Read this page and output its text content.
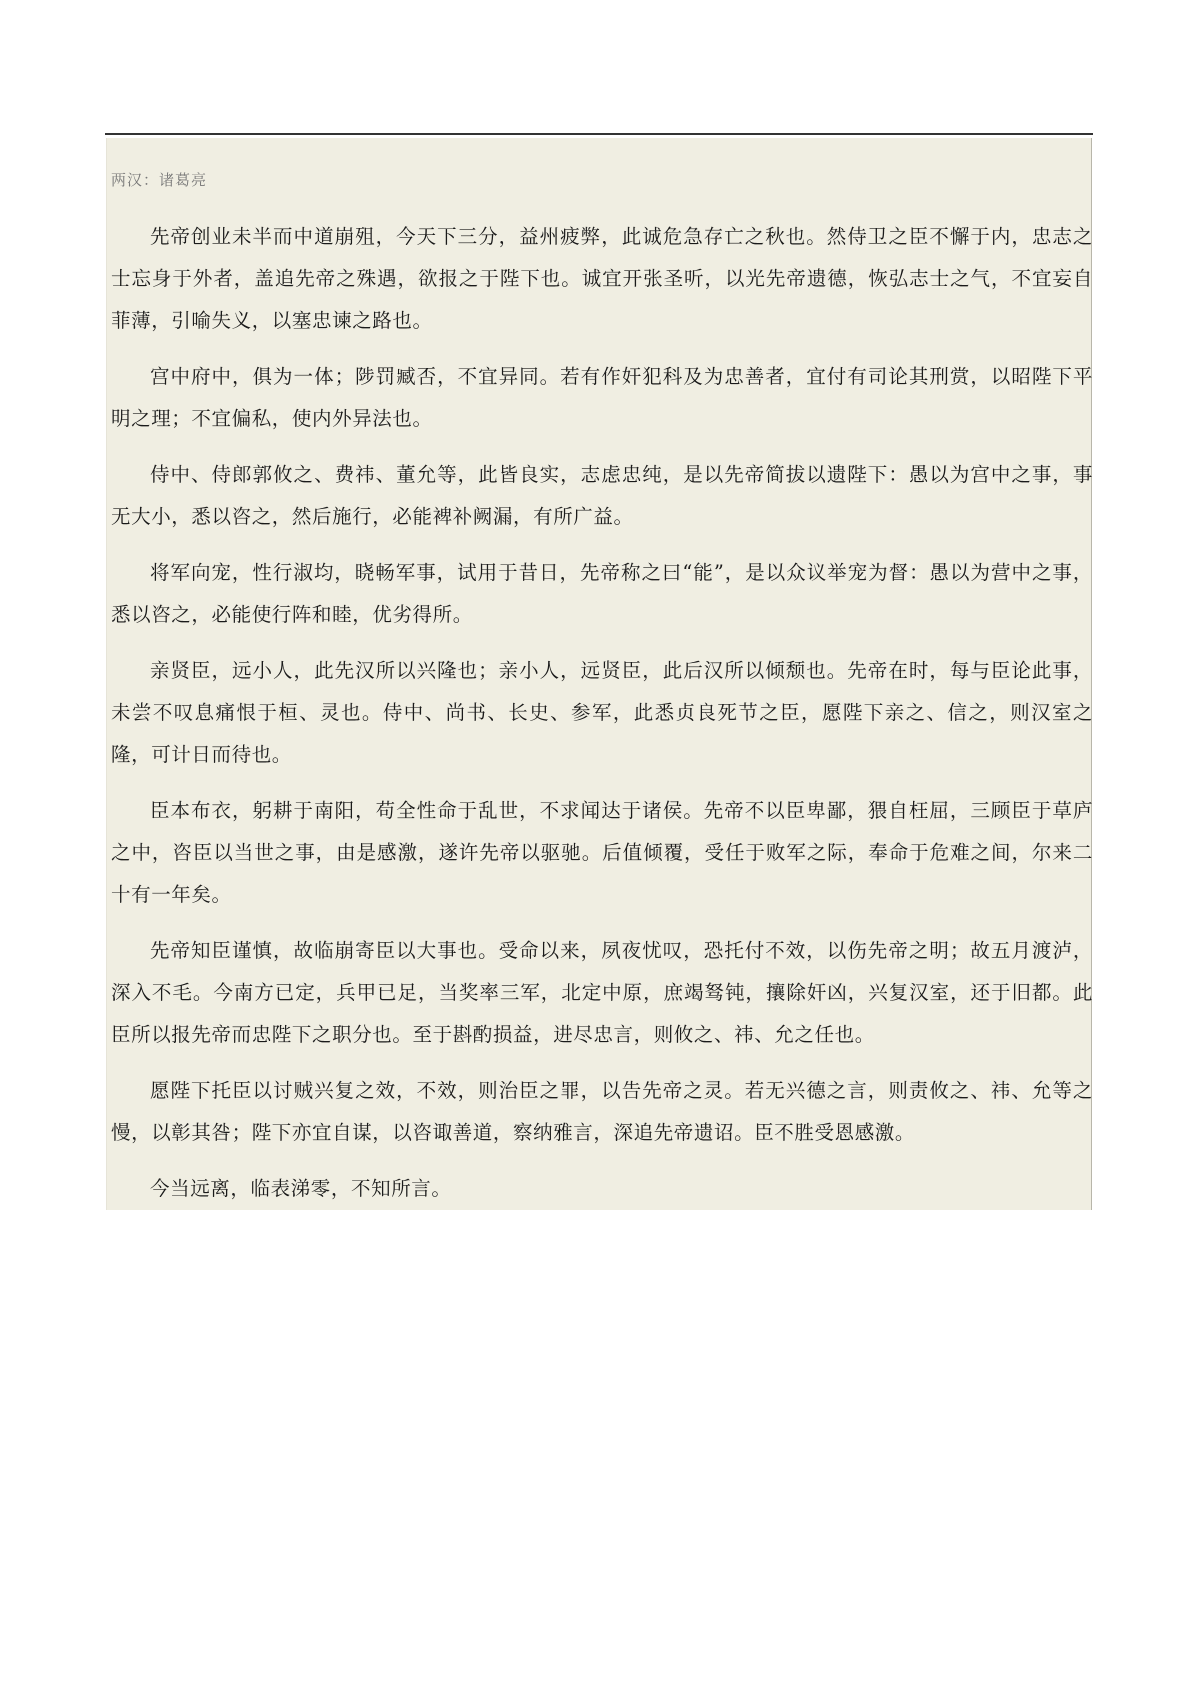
两汉：诸葛亮

先帝创业未半而中道崩殂，今天下三分，益州疲弊，此诚危急存亡之秋也。然侍卫之臣不懈于内，忠志之士忘身于外者，盖追先帝之殊遇，欲报之于陛下也。诚宜开张圣听，以光先帝遗德，恢弘志士之气，不宜妄自菲薄，引喻失义，以塞忠谏之路也。

宫中府中，俱为一体；陟罚臧否，不宜异同。若有作奸犯科及为忠善者，宜付有司论其刑赏，以昭陛下平明之理；不宜偏私，使内外异法也。

侍中、侍郎郭攸之、费祎、董允等，此皆良实，志虑忠纯，是以先帝简拔以遗陛下：愚以为宫中之事，事无大小，悉以咨之，然后施行，必能裨补阙漏，有所广益。

将军向宠，性行淑均，晓畅军事，试用于昔日，先帝称之曰“能”，是以众议举宠为督：愚以为营中之事，悉以咨之，必能使行阵和睦，优劣得所。

亲贤臣，远小人，此先汉所以兴隆也；亲小人，远贤臣，此后汉所以倾颓也。先帝在时，每与臣论此事，未尝不叹息痛恨于桓、灵也。侍中、尚书、长史、参军，此悉贞良死节之臣，愿陛下亲之、信之，则汉室之隆，可计日而待也。

臣本布衣，躬耕于南阳，苟全性命于乱世，不求闻达于诸侯。先帝不以臣卑鄙，猥自枉屈，三顾臣于草庐之中，咨臣以当世之事，由是感激，遂许先帝以驱驰。后值倾覆，受任于败军之际，奉命于危难之间，尔来二十有一年矣。

先帝知臣谨慎，故临崩寄臣以大事也。受命以来，夙夜忧叹，恐托付不效，以伤先帝之明；故五月渡泸，深入不毛。今南方已定，兵甲已足，当奖率三军，北定中原，庶竭驽钝，攘除奸凶，兴复汉室，还于旧都。此臣所以报先帝而忠陛下之职分也。至于斟酌损益，进尽忠言，则攸之、祎、允之任也。

愿陛下托臣以讨贼兴复之效，不效，则治臣之罪，以告先帝之灵。若无兴德之言，则责攸之、祎、允等之慢，以彰其咎；陛下亦宜自谋，以咨诹善道，察纳雅言，深追先帝遗诏。臣不胜受恩感激。

今当远离，临表涕零，不知所言。
